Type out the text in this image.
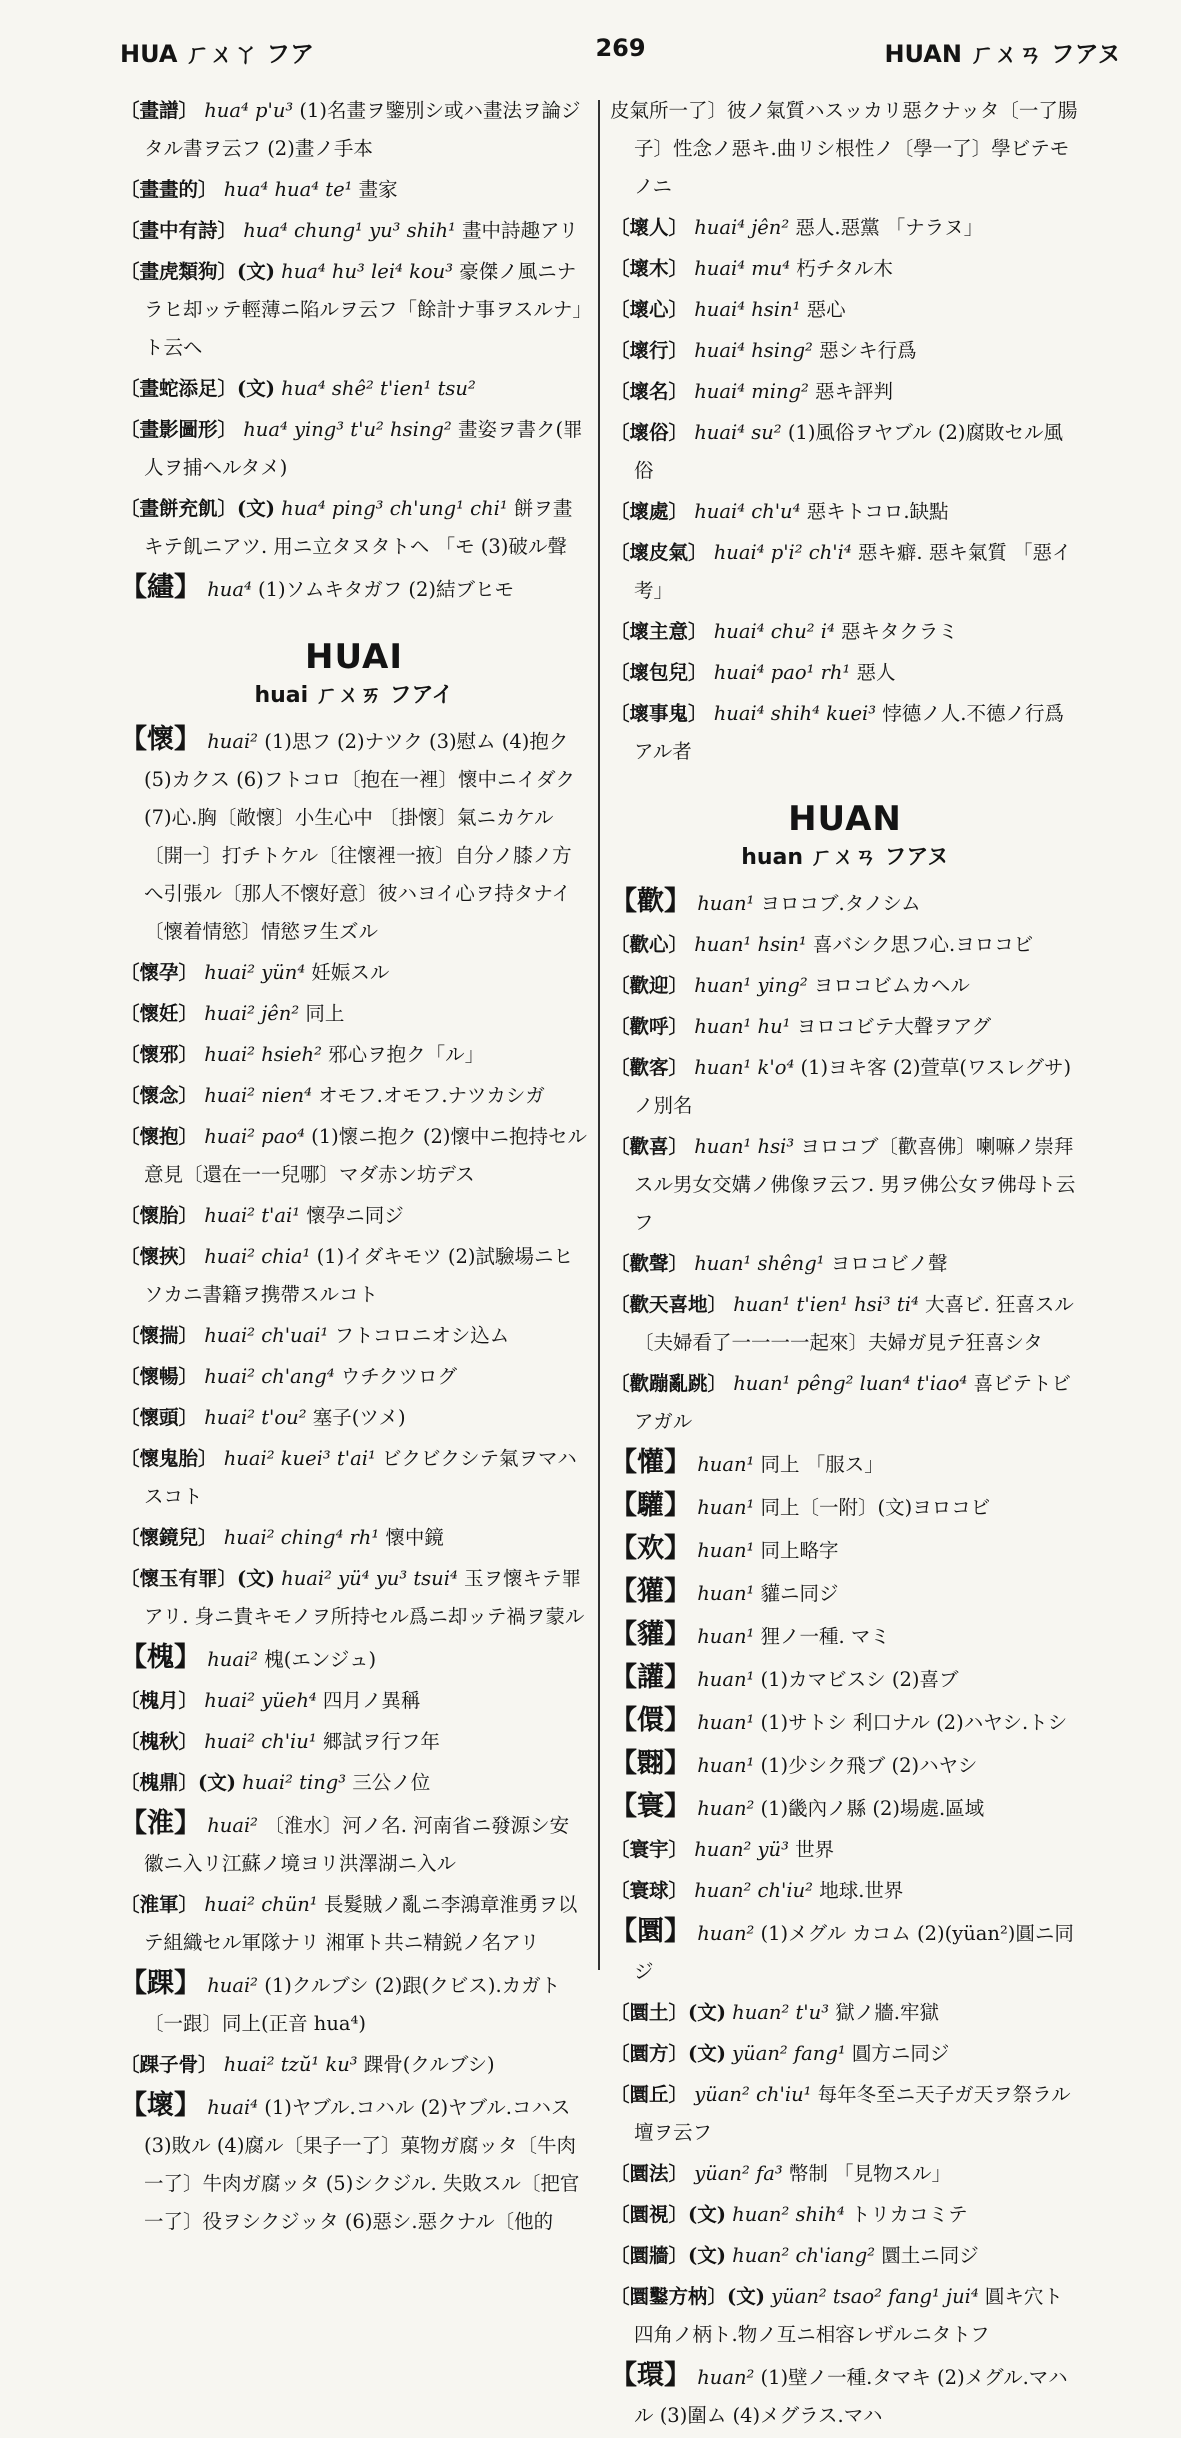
HUA ㄏㄨㄚ フア	269	HUAN ㄏㄨㄢ フアヌ
〔畫譜〕 hua⁴ p'u³ (1)名畫ヲ鑒別シ或ハ畫法ヲ論ジタル書ヲ云フ (2)畫ノ手本
〔畫畫的〕 hua⁴ hua⁴ te¹ 畫家
〔畫中有詩〕 hua⁴ chung¹ yu³ shih¹ 畫中詩趣アリ
〔畫虎類狗〕(文) hua⁴ hu³ lei⁴ kou³ 豪傑ノ風ニナラヒ却ッテ輕薄ニ陷ルヲ云フ「餘計ナ事ヲスルナ」ト云ヘ
〔畫蛇添足〕(文) hua⁴ shê² t'ien¹ tsu²
〔畫影圖形〕 hua⁴ ying³ t'u² hsing² 畫姿ヲ書ク(罪人ヲ捕ヘルタメ)
〔畫餅充飢〕(文) hua⁴ ping³ ch'ung¹ chi¹ 餅ヲ畫キテ飢ニアツ. 用ニ立タヌタトヘ 「モ (3)破ル聲
【繣】 hua⁴ (1)ソムキタガフ (2)結ブヒモ
HUAI
huai ㄏㄨㄞ フアイ
【懷】 huai² (1)思フ (2)ナツク (3)慰ム (4)抱ク (5)カクス (6)フトコロ〔抱在一裡〕懷中ニイダク (7)心.胸〔敞懷〕小生心中 〔掛懷〕氣ニカケル〔開一〕打チトケル〔往懷裡一掖〕自分ノ膝ノ方へ引張ル〔那人不懷好意〕彼ハヨイ心ヲ持タナイ〔懷着情慾〕情慾ヲ生ズル
〔懷孕〕 huai² yün⁴ 妊娠スル
〔懷妊〕 huai² jên² 同上
〔懷邪〕 huai² hsieh² 邪心ヲ抱ク「ル」
〔懷念〕 huai² nien⁴ オモフ.オモフ.ナツカシガ
〔懷抱〕 huai² pao⁴ (1)懷ニ抱ク (2)懷中ニ抱持セル意見〔還在一一兒哪〕マダ赤ン坊デス
〔懷胎〕 huai² t'ai¹ 懷孕ニ同ジ
〔懷挾〕 huai² chia¹ (1)イダキモツ (2)試驗場ニヒソカニ書籍ヲ携帶スルコト
〔懷揣〕 huai² ch'uai¹ フトコロニオシ込ム
〔懷暢〕 huai² ch'ang⁴ ウチクツログ
〔懷頭〕 huai² t'ou² 塞子(ツメ)
〔懷鬼胎〕 huai² kuei³ t'ai¹ ビクビクシテ氣ヲマハスコト
〔懷鏡兒〕 huai² ching⁴ rh¹ 懷中鏡
〔懷玉有罪〕(文) huai² yü⁴ yu³ tsui⁴ 玉ヲ懷キテ罪アリ. 身ニ貴キモノヲ所持セル爲ニ却ッテ禍ヲ蒙ル
【槐】 huai² 槐(エンジュ)
〔槐月〕 huai² yüeh⁴ 四月ノ異稱
〔槐秋〕 huai² ch'iu¹ 郷試ヲ行フ年
〔槐鼎〕(文) huai² ting³ 三公ノ位
【淮】 huai² 〔淮水〕河ノ名. 河南省ニ發源シ安徽ニ入リ江蘇ノ境ヨリ洪澤湖ニ入ル
〔淮軍〕 huai² chün¹ 長髮賊ノ亂ニ李鴻章淮勇ヲ以テ組織セル軍隊ナリ 湘軍ト共ニ精鋭ノ名アリ
【踝】 huai² (1)クルブシ (2)跟(クビス).カガト〔一跟〕同上(正音 hua⁴)
〔踝子骨〕 huai² tzŭ¹ ku³ 踝骨(クルブシ)
【壞】 huai⁴ (1)ヤブル.コハル (2)ヤブル.コハス (3)敗ル (4)腐ル〔果子一了〕菓物ガ腐ッタ〔牛肉一了〕牛肉ガ腐ッタ (5)シクジル. 失敗スル〔把官一了〕役ヲシクジッタ (6)惡シ.惡クナル〔他的
皮氣所一了〕彼ノ氣質ハスッカリ惡クナッタ〔一了腸子〕性念ノ惡キ.曲リシ根性ノ〔學一了〕學ビテモノニ
〔壞人〕 huai⁴ jên² 惡人.惡黨 「ナラヌ」
〔壞木〕 huai⁴ mu⁴ 朽チタル木
〔壞心〕 huai⁴ hsin¹ 惡心
〔壞行〕 huai⁴ hsing² 惡シキ行爲
〔壞名〕 huai⁴ ming² 惡キ評判
〔壞俗〕 huai⁴ su² (1)風俗ヲヤブル (2)腐敗セル風俗
〔壞處〕 huai⁴ ch'u⁴ 惡キトコロ.缺點
〔壞皮氣〕 huai⁴ p'i² ch'i⁴ 惡キ癖. 惡キ氣質 「惡イ考」
〔壞主意〕 huai⁴ chu² i⁴ 惡キタクラミ
〔壞包兒〕 huai⁴ pao¹ rh¹ 惡人
〔壞事鬼〕 huai⁴ shih⁴ kuei³ 悖德ノ人.不德ノ行爲アル者
HUAN
huan ㄏㄨㄢ フアヌ
【歡】 huan¹ ヨロコブ.タノシム
〔歡心〕 huan¹ hsin¹ 喜バシク思フ心.ヨロコビ
〔歡迎〕 huan¹ ying² ヨロコビムカヘル
〔歡呼〕 huan¹ hu¹ ヨロコビテ大聲ヲアグ
〔歡客〕 huan¹ k'o⁴ (1)ヨキ客 (2)萱草(ワスレグサ)ノ別名
〔歡喜〕 huan¹ hsi³ ヨロコブ〔歡喜佛〕喇嘛ノ崇拜スル男女交媾ノ佛像ヲ云フ. 男ヲ佛公女ヲ佛母ト云フ
〔歡聲〕 huan¹ shêng¹ ヨロコビノ聲
〔歡天喜地〕 huan¹ t'ien¹ hsi³ ti⁴ 大喜ビ. 狂喜スル〔夫婦看了一一一一起來〕夫婦ガ見テ狂喜シタ
〔歡蹦亂跳〕 huan¹ pêng² luan⁴ t'iao⁴ 喜ビテトビアガル
【懽】 huan¹ 同上 「服ス」
【驩】 huan¹ 同上〔一附〕(文)ヨロコビ
【欢】 huan¹ 同上略字
【獾】 huan¹ 貛ニ同ジ
【貛】 huan¹ 狸ノ一種. マミ
【讙】 huan¹ (1)カマビスシ (2)喜ブ
【儇】 huan¹ (1)サトシ 利口ナル (2)ハヤシ.トシ
【翾】 huan¹ (1)少シク飛ブ (2)ハヤシ
【寰】 huan² (1)畿內ノ縣 (2)場處.區域
〔寰宇〕 huan² yü³ 世界
〔寰球〕 huan² ch'iu² 地球.世界
【圜】 huan² (1)メグル カコム (2)(yüan²)圓ニ同ジ
〔圜土〕(文) huan² t'u³ 獄ノ牆.牢獄
〔圜方〕(文) yüan² fang¹ 圓方ニ同ジ
〔圜丘〕 yüan² ch'iu¹ 每年冬至ニ天子ガ天ヲ祭ラル壇ヲ云フ
〔圜法〕 yüan² fa³ 幣制 「見物スル」
〔圜視〕(文) huan² shih⁴ トリカコミテ
〔圜牆〕(文) huan² ch'iang² 圜土ニ同ジ
〔圜鑿方枘〕(文) yüan² tsao² fang¹ jui⁴ 圓キ穴ト四角ノ柄ト.物ノ互ニ相容レザルニタトフ
【環】 huan² (1)壁ノ一種.タマキ (2)メグル.マハル (3)圍ム (4)メグラス.マハ
